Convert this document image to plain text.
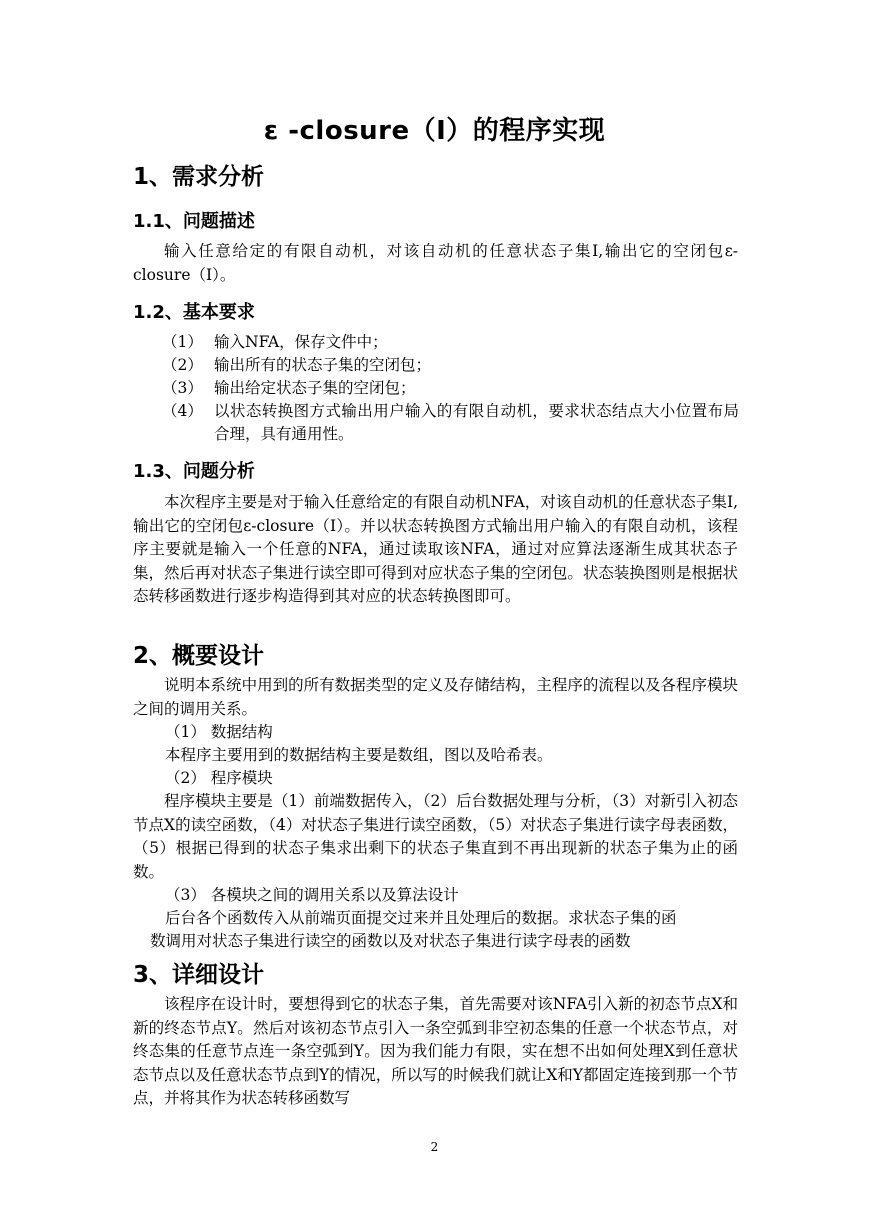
ε -closure（I）的程序实现
1、需求分析
1.1、问题描述
输入任意给定的有限自动机，对该自动机的任意状态子集I,输出它的空闭包ε-closure（I）。
1.2、基本要求
（1） 输入NFA，保存文件中；
（2） 输出所有的状态子集的空闭包；
（3） 输出给定状态子集的空闭包；
（4） 以状态转换图方式输出用户输入的有限自动机，要求状态结点大小位置布局合理，具有通用性。
1.3、问题分析
本次程序主要是对于输入任意给定的有限自动机NFA，对该自动机的任意状态子集I,输出它的空闭包ε-closure（I）。并以状态转换图方式输出用户输入的有限自动机，该程序主要就是输入一个任意的NFA，通过读取该NFA，通过对应算法逐渐生成其状态子集，然后再对状态子集进行读空即可得到对应状态子集的空闭包。状态装换图则是根据状态转移函数进行逐步构造得到其对应的状态转换图即可。
2、概要设计
说明本系统中用到的所有数据类型的定义及存储结构，主程序的流程以及各程序模块之间的调用关系。
（1） 数据结构
本程序主要用到的数据结构主要是数组，图以及哈希表。
（2） 程序模块
程序模块主要是（1）前端数据传入，（2）后台数据处理与分析，（3）对新引入初态节点X的读空函数，（4）对状态子集进行读空函数，（5）对状态子集进行读字母表函数，（5）根据已得到的状态子集求出剩下的状态子集直到不再出现新的状态子集为止的函数。
（3） 各模块之间的调用关系以及算法设计
后台各个函数传入从前端页面提交过来并且处理后的数据。求状态子集的函
数调用对状态子集进行读空的函数以及对状态子集进行读字母表的函数
3、详细设计
该程序在设计时，要想得到它的状态子集，首先需要对该NFA引入新的初态节点X和新的终态节点Y。然后对该初态节点引入一条空弧到非空初态集的任意一个状态节点，对终态集的任意节点连一条空弧到Y。因为我们能力有限，实在想不出如何处理X到任意状态节点以及任意状态节点到Y的情况，所以写的时候我们就让X和Y都固定连接到那一个节点，并将其作为状态转移函数写
2
